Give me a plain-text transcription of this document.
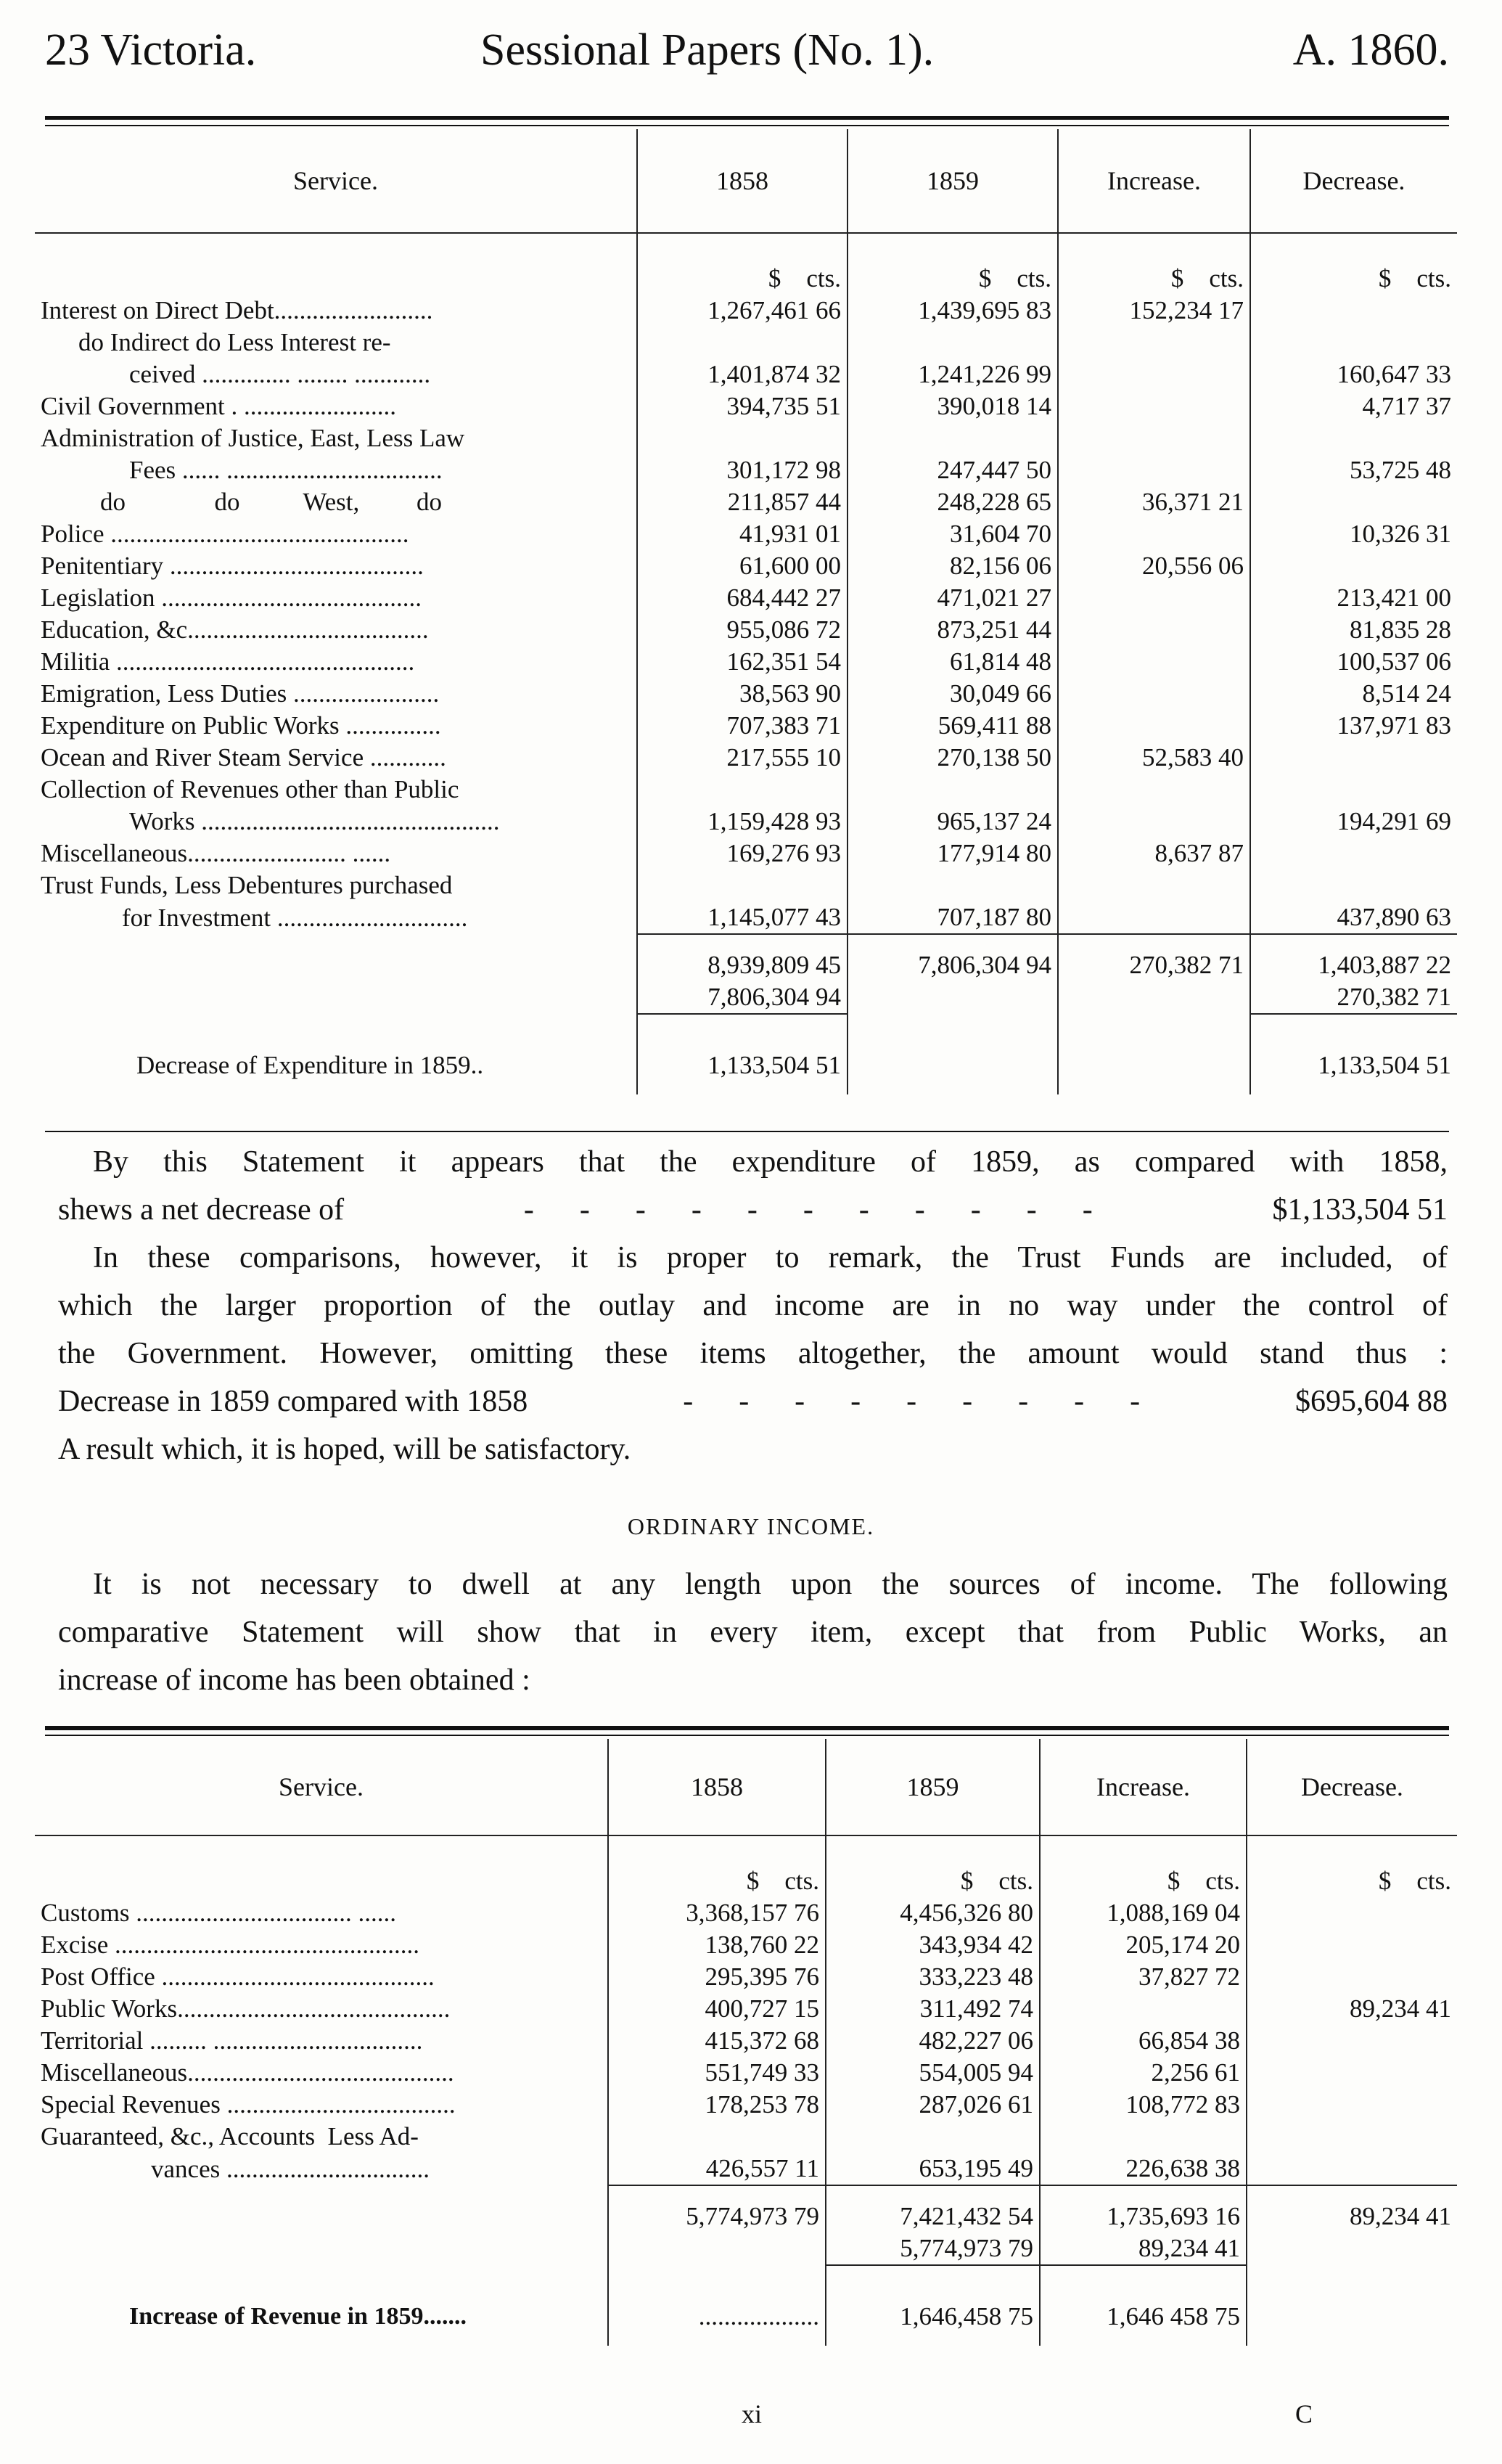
23 Victoria.	Sessional Papers (No. 1).	A. 1860.
Service.	1858	1859	Increase.	Decrease.
	$ cts.	$ cts.	$ cts.	$ cts.
Interest on Direct Debt.........................	1,267,461 66	1,439,695 83	152,234 17	
do Indirect do Less Interest re-				
ceived .............. ........ ............	1,401,874 32	1,241,226 99		160,647 33
Civil Government . ........................	394,735 51	390,018 14		4,717 37
Administration of Justice, East, Less Law				
Fees ...... ..................................	301,172 98	247,447 50		53,725 48
do              do          West,         do	211,857 44	248,228 65	36,371 21	
Police ...............................................	41,931 01	31,604 70		10,326 31
Penitentiary ........................................	61,600 00	82,156 06	20,556 06	
Legislation .........................................	684,442 27	471,021 27		213,421 00
Education, &c......................................	955,086 72	873,251 44		81,835 28
Militia ...............................................	162,351 54	61,814 48		100,537 06
Emigration, Less Duties .......................	38,563 90	30,049 66		8,514 24
Expenditure on Public Works ...............	707,383 71	569,411 88		137,971 83
Ocean and River Steam Service ............	217,555 10	270,138 50	52,583 40	
Collection of Revenues other than Public				
Works ...............................................	1,159,428 93	965,137 24		194,291 69
Miscellaneous......................... ......	169,276 93	177,914 80	8,637 87	
Trust Funds, Less Debentures purchased				
for Investment ..............................	1,145,077 43	707,187 80		437,890 63
	8,939,809 45	7,806,304 94	270,382 71	1,403,887 22
	7,806,304 94			270,382 71
Decrease of Expenditure in 1859..	1,133,504 51			1,133,504 51
By this Statement it appears that the expenditure of 1859, as compared with 1858,
shews a net decrease of	-      -      -      -      -      -      -      -      -      -      -	$1,133,504 51
In these comparisons, however, it is proper to remark, the Trust Funds are included, of
which the larger proportion of the outlay and income are in no way under the control of
the Government. However, omitting these items altogether, the amount would stand thus :
Decrease in 1859 compared with 1858	-      -      -      -      -      -      -      -      -	$695,604 88
A result which, it is hoped, will be satisfactory.
ORDINARY INCOME.
It is not necessary to dwell at any length upon the sources of income. The following
comparative Statement will show that in every item, except that from Public Works, an
increase of income has been obtained :
Service.	1858	1859	Increase.	Decrease.
	$ cts.	$ cts.	$ cts.	$ cts.
Customs .................................. ......	3,368,157 76	4,456,326 80	1,088,169 04	
Excise ................................................	138,760 22	343,934 42	205,174 20	
Post Office ...........................................	295,395 76	333,223 48	37,827 72	
Public Works...........................................	400,727 15	311,492 74		89,234 41
Territorial ......... .................................	415,372 68	482,227 06	66,854 38	
Miscellaneous..........................................	551,749 33	554,005 94	2,256 61	
Special Revenues ....................................	178,253 78	287,026 61	108,772 83	
Guaranteed, &c., Accounts  Less Ad-				
vances ................................	426,557 11	653,195 49	226,638 38	
	5,774,973 79	7,421,432 54	1,735,693 16	89,234 41
		5,774,973 79	89,234 41	
Increase of Revenue in 1859.......	...................	1,646,458 75	1,646 458 75	
xi	C
